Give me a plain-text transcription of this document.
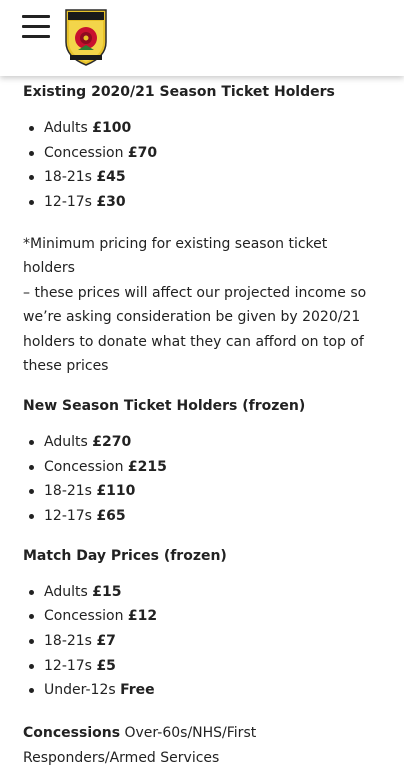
Existing 2020/21 Season Ticket Holders
Adults £100
Concession £70
18-21s £45
12-17s £30

*Minimum pricing for existing season ticket holders

– these prices will affect our projected income so

we’re asking consideration be given by 2020/21

holders to donate what they can afford on top of

these prices

New Season Ticket Holders (frozen)
Adults £270
Concession £215
18-21s £110
12-17s £65
Match Day Prices (frozen)
Adults £15
Concession £12
18-21s £7
12-17s £5
Under-12s Free

Concessions Over-60s/NHS/First

Responders/Armed Services
